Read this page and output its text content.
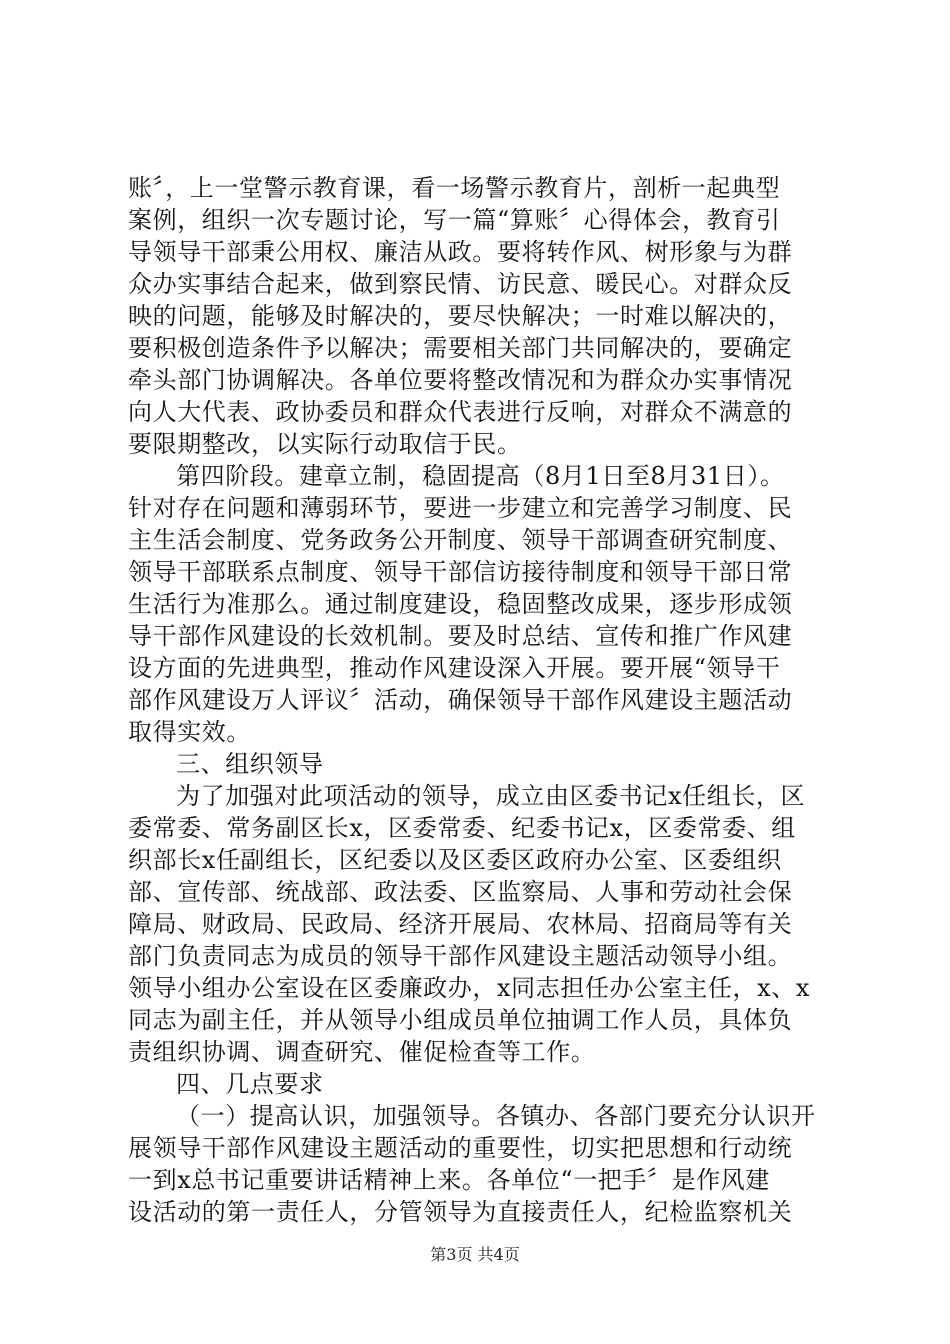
账〞，上一堂警示教育课，看一场警示教育片，剖析一起典型
案例，组织一次专题讨论，写一篇“算账〞心得体会，教育引
导领导干部秉公用权、廉洁从政。要将转作风、树形象与为群
众办实事结合起来，做到察民情、访民意、暖民心。对群众反
映的问题，能够及时解决的，要尽快解决；一时难以解决的，
要积极创造条件予以解决；需要相关部门共同解决的，要确定
牵头部门协调解决。各单位要将整改情况和为群众办实事情况
向人大代表、政协委员和群众代表进行反响，对群众不满意的
要限期整改，以实际行动取信于民。
第四阶段。建章立制，稳固提高（8月1日至8月31日）。
针对存在问题和薄弱环节，要进一步建立和完善学习制度、民
主生活会制度、党务政务公开制度、领导干部调查研究制度、
领导干部联系点制度、领导干部信访接待制度和领导干部日常
生活行为准那么。通过制度建设，稳固整改成果，逐步形成领
导干部作风建设的长效机制。要及时总结、宣传和推广作风建
设方面的先进典型，推动作风建设深入开展。要开展“领导干
部作风建设万人评议〞活动，确保领导干部作风建设主题活动
取得实效。
三、组织领导
为了加强对此项活动的领导，成立由区委书记x任组长，区
委常委、常务副区长x，区委常委、纪委书记x，区委常委、组
织部长x任副组长，区纪委以及区委区政府办公室、区委组织
部、宣传部、统战部、政法委、区监察局、人事和劳动社会保
障局、财政局、民政局、经济开展局、农林局、招商局等有关
部门负责同志为成员的领导干部作风建设主题活动领导小组。
领导小组办公室设在区委廉政办，x同志担任办公室主任，x、x
同志为副主任，并从领导小组成员单位抽调工作人员，具体负
责组织协调、调查研究、催促检查等工作。
四、几点要求
（一）提高认识，加强领导。各镇办、各部门要充分认识开
展领导干部作风建设主题活动的重要性，切实把思想和行动统
一到x总书记重要讲话精神上来。各单位“一把手〞是作风建
设活动的第一责任人，分管领导为直接责任人，纪检监察机关
第3页 共4页
